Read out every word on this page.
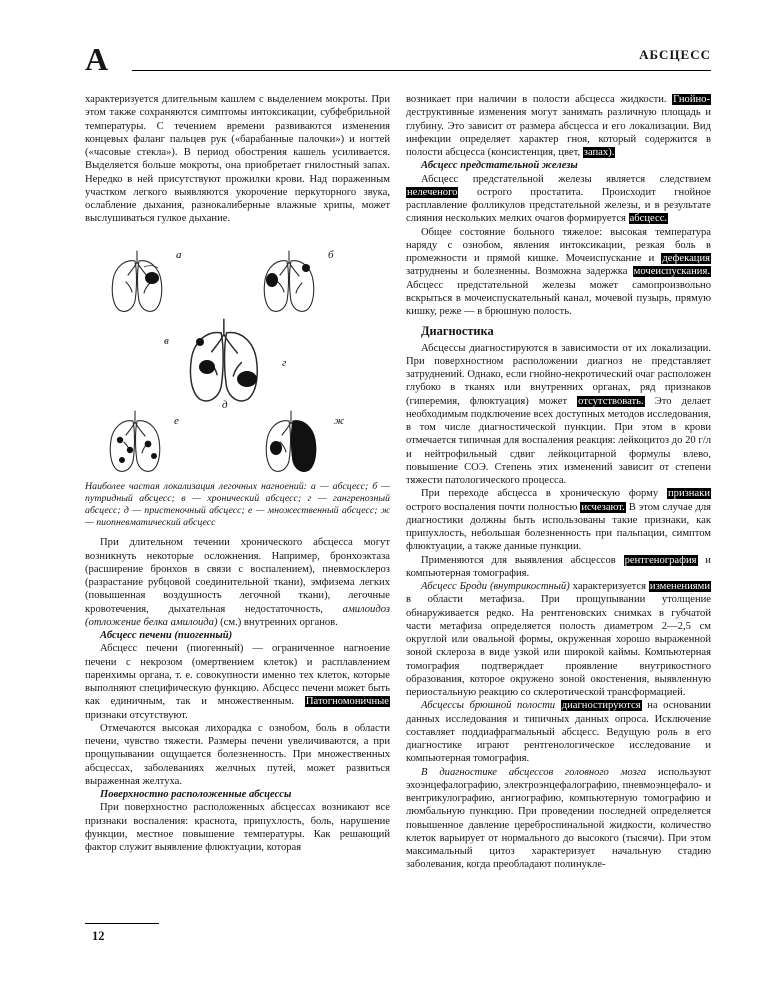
А	АБСЦЕСС

характеризуется длительным кашлем с выделением мокроты. При этом также сохраняются симптомы интоксикации, субфебрильной температуры. С течением времени развиваются изменения концевых фаланг пальцев рук («барабанные палочки») и ногтей («часовые стекла»). В период обострения кашель усиливается. Выделяется больше мокроты, она приобретает гнилостный запах. Нередко в ней присутствуют прожилки крови. Над пораженным участком легкого выявляются укорочение перкуторного звука, ослабление дыхания, разнокалиберные влажные хрипы, может выслушиваться гулкое дыхание.

а	б
в
г
д
е	ж
Наиболее частая локализация легочных нагноений: а — абсцесс; б — путридный абсцесс; в — хронический абсцесс; г — гангренозный абсцесс; д — пристеночный абсцесс; е — множественный абсцесс; ж — пиопневматический абсцесс

При длительном течении хронического абсцесса могут возникнуть некоторые осложнения. Например, бронхоэктаза (расширение бронхов в связи с воспалением), пневмосклероз (разрастание рубцовой соединительной ткани), эмфизема легких (повышенная воздушность легочной ткани), легочные кровотечения, дыхательная недостаточность, амилоидоз (отложение белка амилоида) (см.) внутренних органов.

Абсцесс печени (пиогенный)

Абсцесс печени (пиогенный) — ограниченное нагноение печени с некрозом (омертвением клеток) и расплавлением паренхимы органа, т. е. совокупности именно тех клеток, которые выполняют специфическую функцию. Абсцесс печени может быть как единичным, так и множественным. Патогномоничные признаки отсутствуют.

Отмечаются высокая лихорадка с ознобом, боль в области печени, чувство тяжести. Размеры печени увеличиваются, а при прощупывании ощущается болезненность. При множественных абсцессах, заболеваниях желчных путей, может развиться выраженная желтуха.

Поверхностно расположенные абсцессы

При поверхностно расположенных абсцессах возникают все признаки воспаления: краснота, припухлость, боль, нарушение функции, местное повышение температуры. Как решающий фактор служит выявление флюктуации, которая

возникает при наличии в полости абсцесса жидкости. Гнойно-деструктивные изменения могут занимать различную площадь и глубину. Это зависит от размера абсцесса и его локализации. Вид инфекции определяет характер гноя, который содержится в полости абсцесса (консистенция, цвет, запах).

Абсцесс предстательной железы

Абсцесс предстательной железы является следствием нелеченого острого простатита. Происходит гнойное расплавление фолликулов предстательной железы, и в результате слияния нескольких мелких очагов формируется абсцесс.

Общее состояние больного тяжелое: высокая температура наряду с ознобом, явления интоксикации, резкая боль в промежности и прямой кишке. Мочеиспускание и дефекация затруднены и болезненны. Возможна задержка мочеиспускания. Абсцесс предстательной железы может самопроизвольно вскрыться в мочеиспускательный канал, мочевой пузырь, прямую кишку, реже — в брюшную полость.

Диагностика

Абсцессы диагностируются в зависимости от их локализации. При поверхностном расположении диагноз не представляет затруднений. Однако, если гнойно-некротический очаг расположен глубоко в тканях или внутренних органах, ряд признаков (гиперемия, флюктуация) может отсутствовать. Это делает необходимым подключение всех доступных методов исследования, в том числе диагностической пункции. При этом в крови отмечается типичная для воспаления реакция: лейкоцитоз до 20 г/л и нейтрофильный сдвиг лейкоцитарной формулы влево, повышение СОЭ. Степень этих изменений зависит от степени тяжести патологического процесса.

При переходе абсцесса в хроническую форму признаки острого воспаления почти полностью исчезают. В этом случае для диагностики должны быть использованы такие признаки, как припухлость, небольшая болезненность при пальпации, симптом флюктуации, а также данные пункции.

Применяются для выявления абсцессов рентгенография и компьютерная томография.

Абсцесс Броди (внутрикостный) характеризуется изменениями в области метафиза. При прощупывании утолщение обнаруживается редко. На рентгеновских снимках в губчатой части метафиза определяется полость диаметром 2—2,5 см округлой или овальной формы, окруженная хорошо выраженной зоной склероза в виде узкой или широкой каймы. Компьютерная томография подтверждает проявление внутрикостного образования, которое окружено зоной окостенения, выявленную периостальную реакцию со склеротической трансформацией.

Абсцессы брюшной полости диагностируются на основании данных исследования и типичных данных опроса. Исключение составляет поддиафрагмальный абсцесс. Ведущую роль в его диагностике играют рентгенологическое исследование и компьютерная томография.

В диагностике абсцессов головного мозга используют эхоэнцефалографию, электроэнцефалографию, пневмоэнцефало- и вентрикулографию, ангиографию, компьютерную томографию и люмбальную пункцию. При проведении последней определяется повышенное давление цереброспинальной жидкости, количество клеток варьирует от нормального до высокого (тысячи). При этом максимальный цитоз характеризует начальную стадию заболевания, когда преобладают полинукле-

12
